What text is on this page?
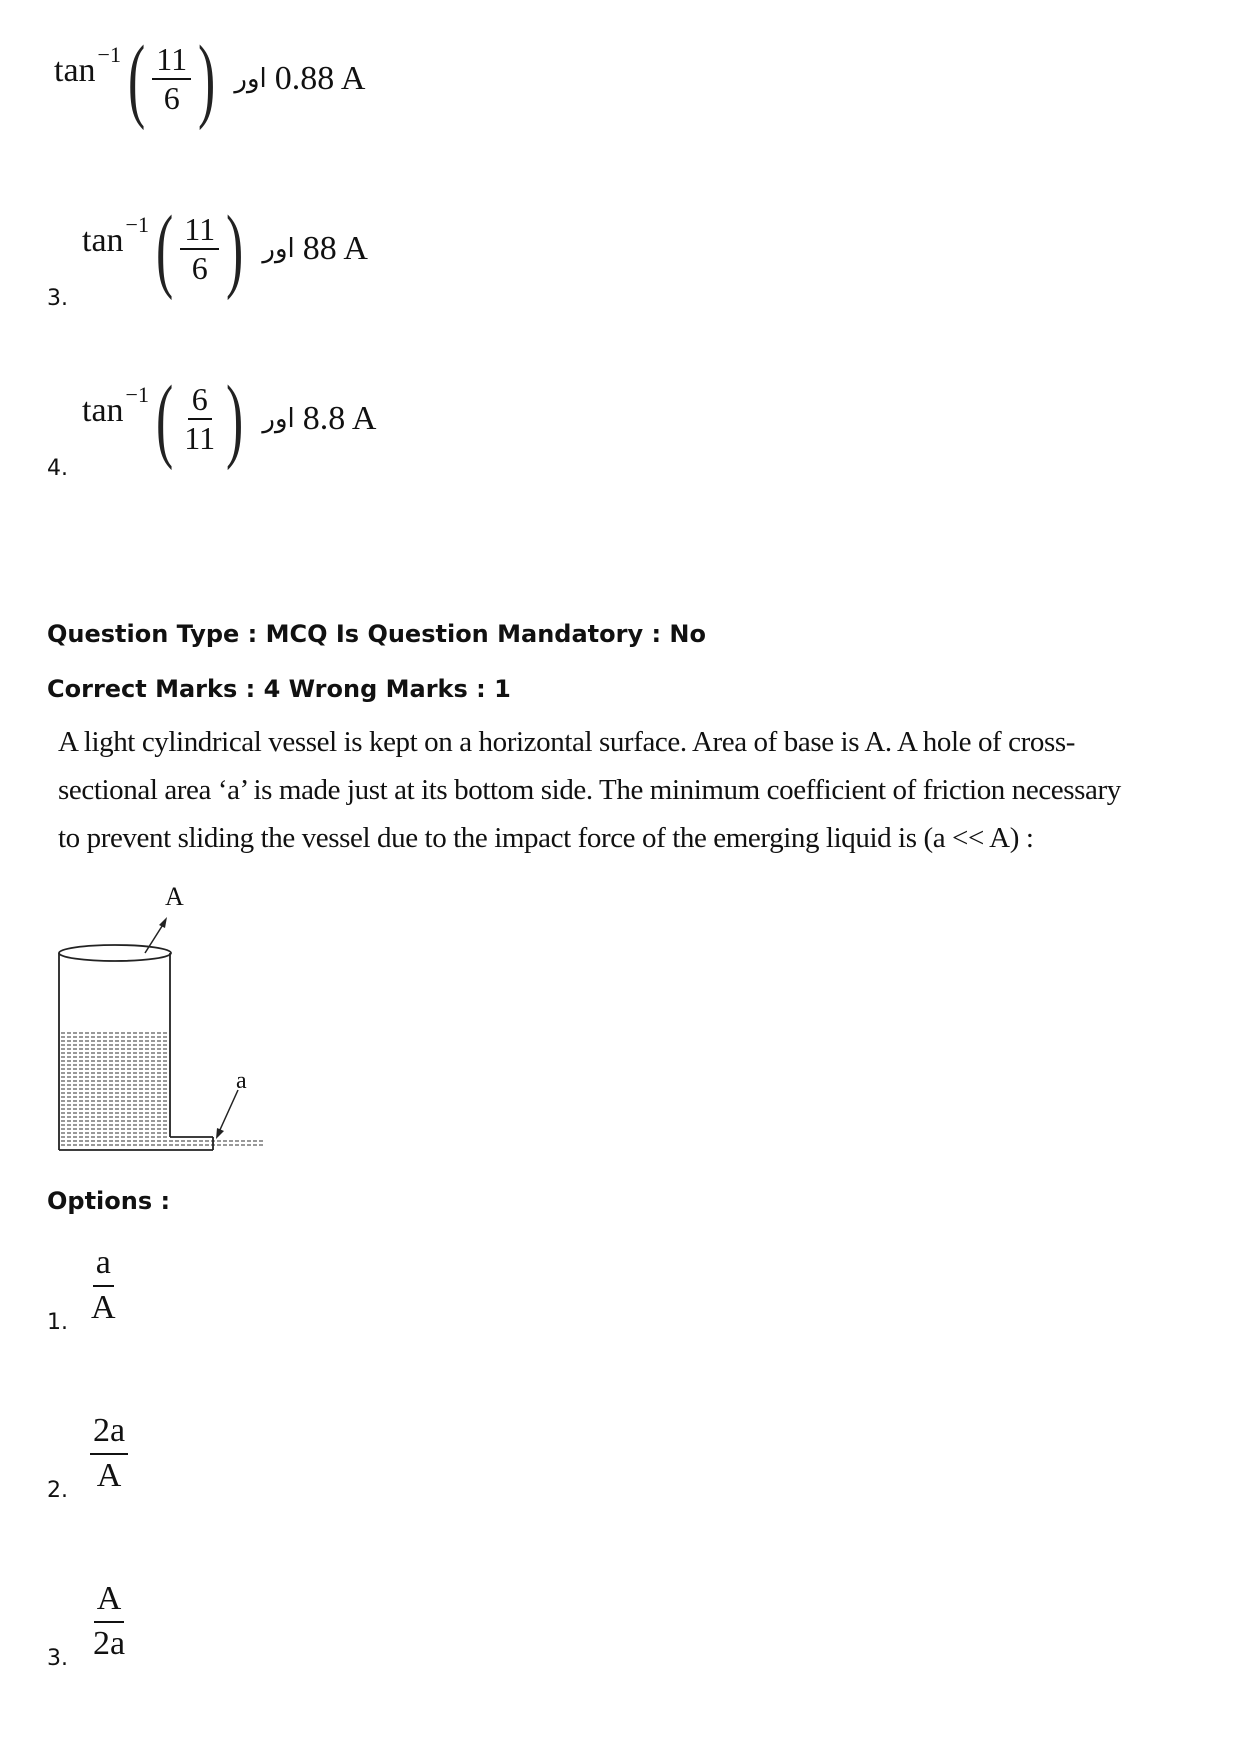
tan −1 ( $\frac{11}{6}$ ) اور 0.88 A
3.
tan −1 ( $\frac{11}{6}$ ) اور 88 A
4.
tan −1 ( $\frac{6}{11}$ ) اور 8.8 A
Question Type : MCQ Is Question Mandatory : No
Correct Marks : 4 Wrong Marks : 1
A light cylindrical vessel is kept on a horizontal surface. Area of base is A. A hole of cross-
sectional area ‘a’ is made just at its bottom side. The minimum coefficient of friction necessary
to prevent sliding the vessel due to the impact force of the emerging liquid is (a << A) :
A
a
Options :
1. $\frac{a}{A}$
2. $\frac{2a}{A}$
3. $\frac{A}{2a}$
